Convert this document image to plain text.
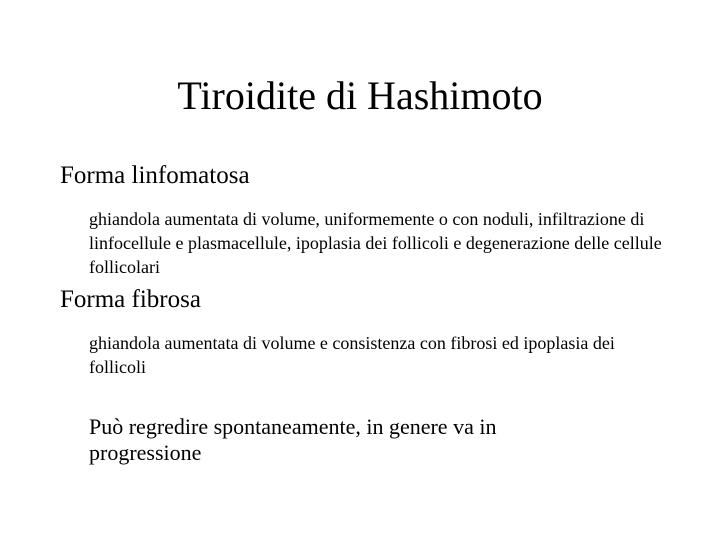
Tiroidite di Hashimoto

Forma linfomatosa

ghiandola aumentata di volume, uniformemente o con noduli, infiltrazione di linfocellule e plasmacellule, ipoplasia dei follicoli e degenerazione delle cellule follicolari

Forma fibrosa

ghiandola aumentata di volume e consistenza con fibrosi ed ipoplasia dei follicoli

Può regredire spontaneamente, in genere va in progressione
